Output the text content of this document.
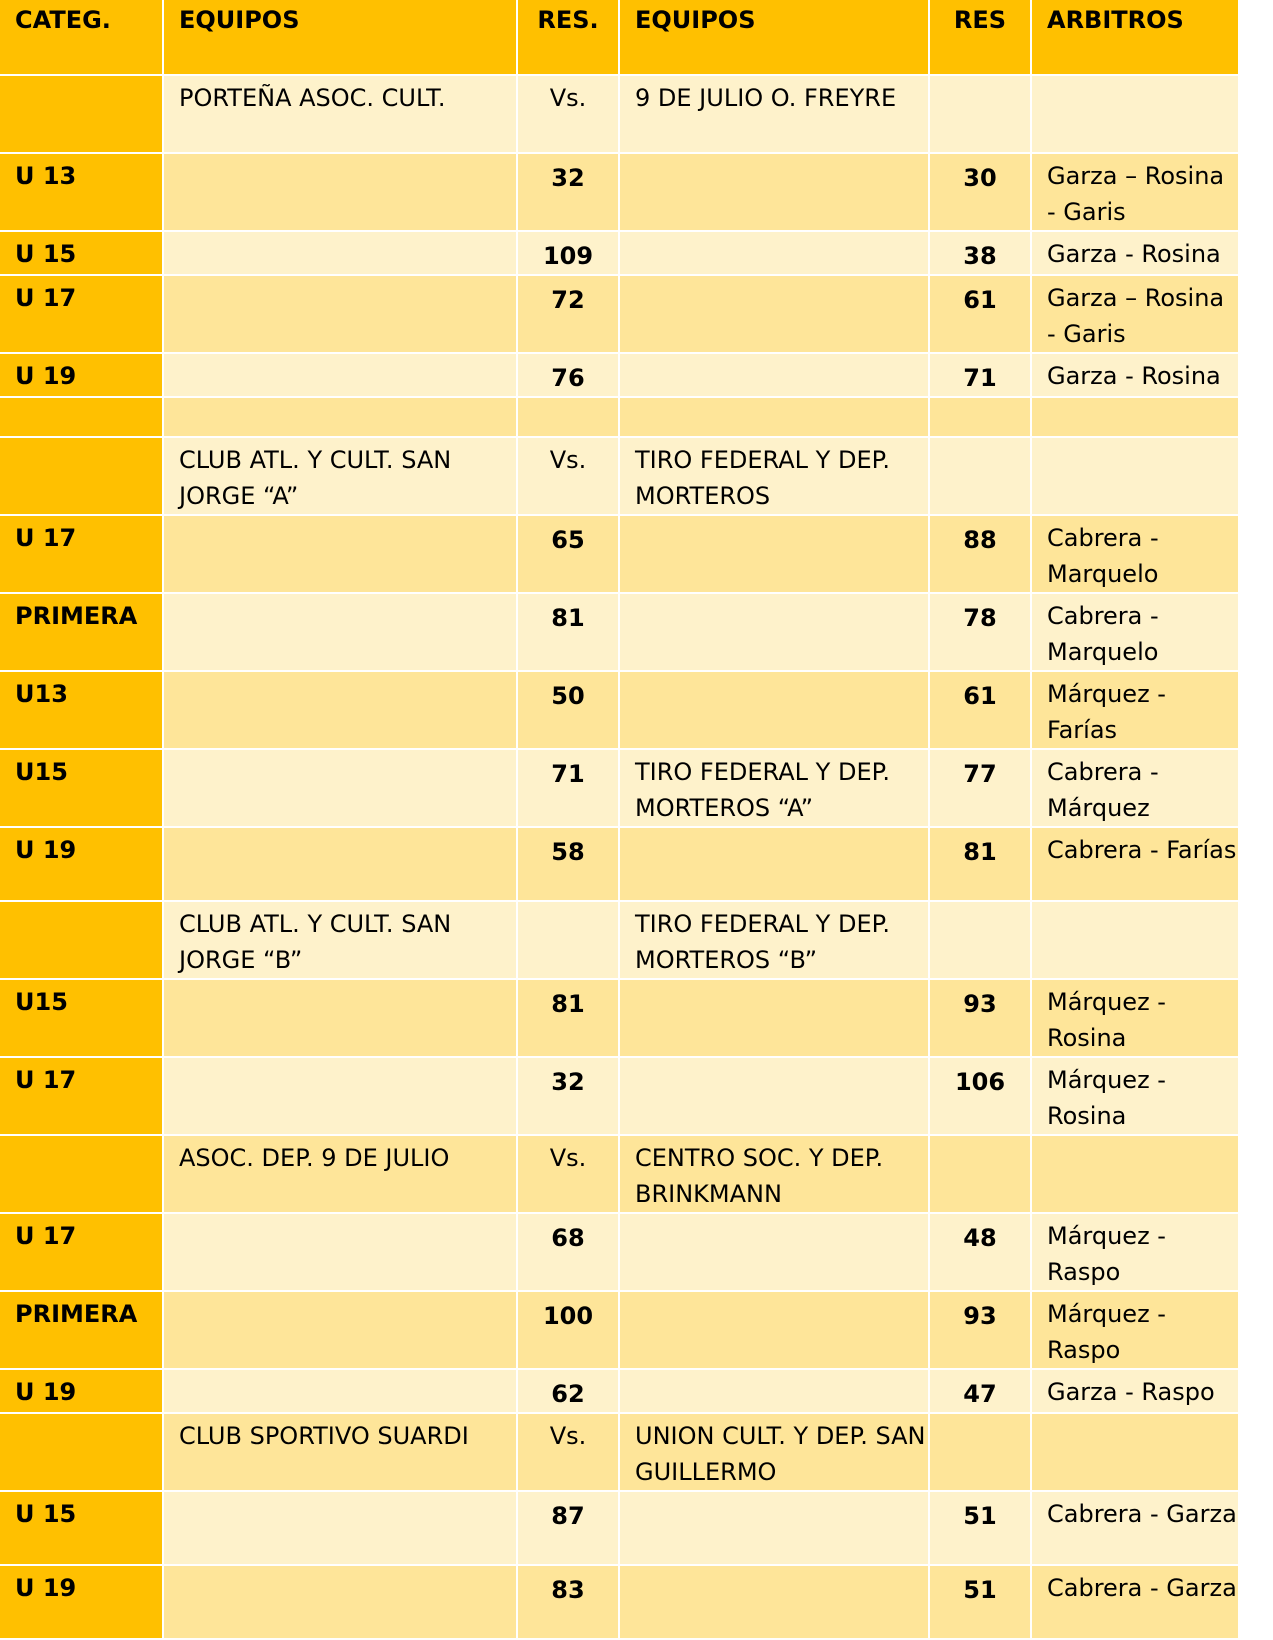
CATEG.	EQUIPOS	RES.	EQUIPOS	RES	ARBITROS
	PORTEÑA ASOC. CULT.	Vs.	9 DE JULIO O. FREYRE		
U 13		32		30	Garza – Rosina - Garis
U 15		109		38	Garza - Rosina
U 17		72		61	Garza – Rosina - Garis
U 19		76		71	Garza - Rosina

	CLUB ATL. Y CULT. SAN JORGE “A”	Vs.	TIRO FEDERAL Y DEP. MORTEROS		
U 17		65		88	Cabrera - Marquelo
PRIMERA		81		78	Cabrera - Marquelo
U13		50		61	Márquez - Farías
U15		71	TIRO FEDERAL Y DEP. MORTEROS “A”	77	Cabrera - Márquez
U 19		58		81	Cabrera - Farías
	CLUB ATL. Y CULT. SAN JORGE “B”		TIRO FEDERAL Y DEP. MORTEROS “B”		
U15		81		93	Márquez - Rosina
U 17		32		106	Márquez - Rosina
	ASOC. DEP. 9 DE JULIO	Vs.	CENTRO SOC. Y DEP. BRINKMANN		
U 17		68		48	Márquez - Raspo
PRIMERA		100		93	Márquez - Raspo
U 19		62		47	Garza - Raspo
	CLUB SPORTIVO SUARDI	Vs.	UNION CULT. Y DEP. SAN GUILLERMO		
U 15		87		51	Cabrera - Garza
U 19		83		51	Cabrera - Garza
